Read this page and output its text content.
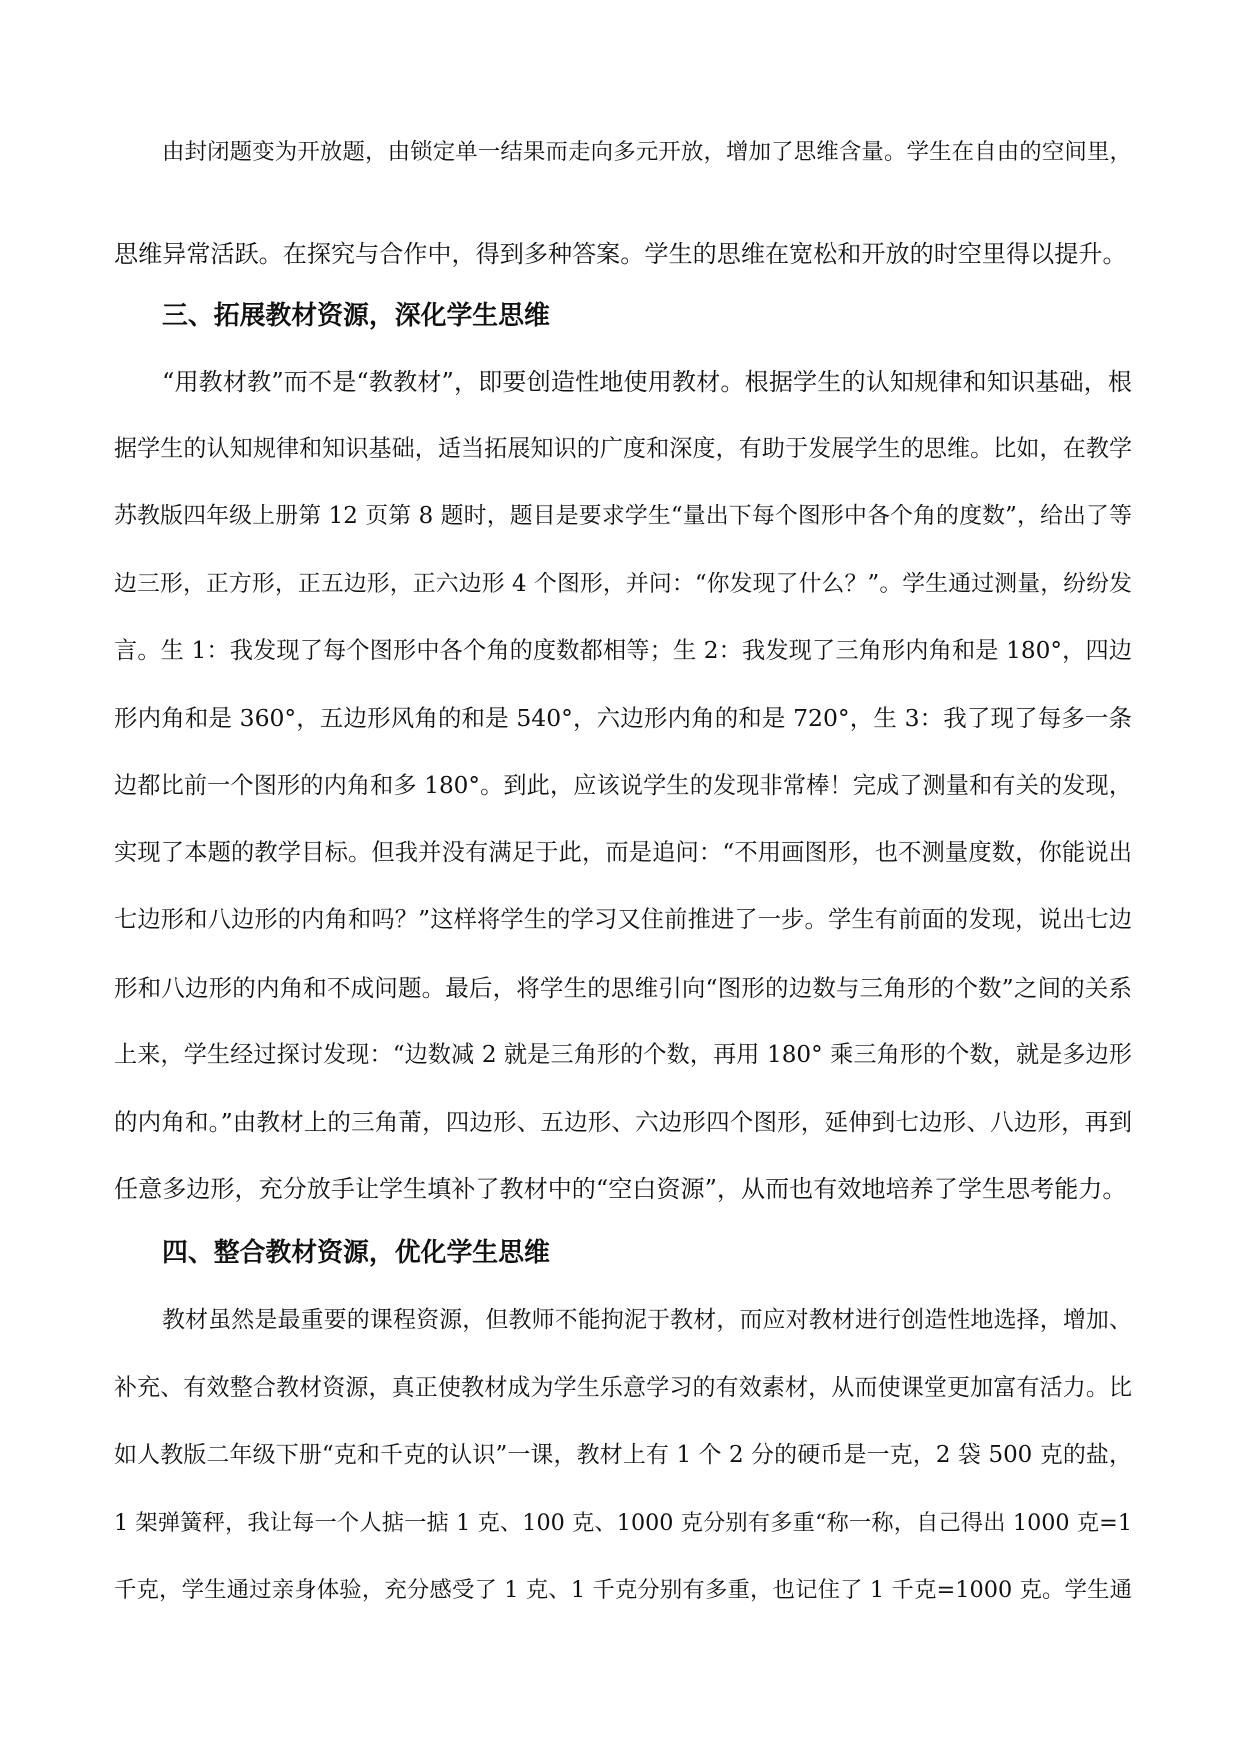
由封闭题变为开放题，由锁定单一结果而走向多元开放，增加了思维含量。学生在自由的空间里，
思维异常活跃。在探究与合作中，得到多种答案。学生的思维在宽松和开放的时空里得以提升。
三、拓展教材资源，深化学生思维
“用教材教”而不是“教教材”，即要创造性地使用教材。根据学生的认知规律和知识基础，根
据学生的认知规律和知识基础，适当拓展知识的广度和深度，有助于发展学生的思维。比如，在教学
苏教版四年级上册第 12 页第 8 题时，题目是要求学生“量出下每个图形中各个角的度数”，给出了等
边三形，正方形，正五边形，正六边形 4 个图形，并问：“你发现了什么？”。学生通过测量，纷纷发
言。生 1：我发现了每个图形中各个角的度数都相等；生 2：我发现了三角形内角和是 180°，四边
形内角和是 360°，五边形风角的和是 540°，六边形内角的和是 720°，生 3：我了现了每多一条
边都比前一个图形的内角和多 180°。到此，应该说学生的发现非常棒！完成了测量和有关的发现，
实现了本题的教学目标。但我并没有满足于此，而是追问：“不用画图形，也不测量度数，你能说出
七边形和八边形的内角和吗？”这样将学生的学习又住前推进了一步。学生有前面的发现，说出七边
形和八边形的内角和不成问题。最后，将学生的思维引向“图形的边数与三角形的个数”之间的关系
上来，学生经过探讨发现：“边数减 2 就是三角形的个数，再用 180° 乘三角形的个数，就是多边形
的内角和。”由教材上的三角莆，四边形、五边形、六边形四个图形，延伸到七边形、八边形，再到
任意多边形，充分放手让学生填补了教材中的“空白资源”，从而也有效地培养了学生思考能力。
四、整合教材资源，优化学生思维
教材虽然是最重要的课程资源，但教师不能拘泥于教材，而应对教材进行创造性地选择，增加、
补充、有效整合教材资源，真正使教材成为学生乐意学习的有效素材，从而使课堂更加富有活力。比
如人教版二年级下册“克和千克的认识”一课，教材上有 1 个 2 分的硬币是一克，2 袋 500 克的盐，
1 架弹簧秤，我让每一个人掂一掂 1 克、100 克、1000 克分别有多重“称一称，自己得出 1000 克=1
千克，学生通过亲身体验，充分感受了 1 克、1 千克分别有多重，也记住了 1 千克=1000 克。学生通
